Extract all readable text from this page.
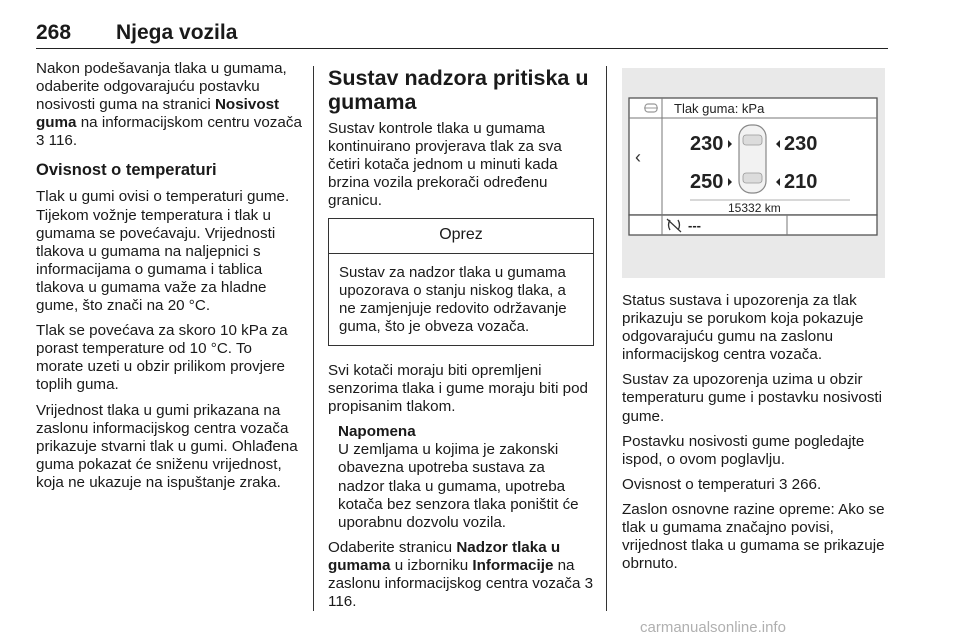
268 Njega vozila

Nakon podešavanja tlaka u gumama, odaberite odgovarajuću postavku nosivosti guma na stranici Nosivost guma na informacijskom centru vozača 3 116.

Ovisnost o temperaturi

Tlak u gumi ovisi o temperaturi gume. Tijekom vožnje temperatura i tlak u gumama se povećavaju. Vrijednosti tlakova u gumama na naljepnici s informacijama o gumama i tablica tlakova u gumama važe za hladne gume, što znači na 20 °C.

Tlak se povećava za skoro 10 kPa za porast temperature od 10 °C. To morate uzeti u obzir prilikom provjere toplih guma.

Vrijednost tlaka u gumi prikazana na zaslonu informacijskog centra vozača prikazuje stvarni tlak u gumi. Ohlađena guma pokazat će sniženu vrijednost, koja ne ukazuje na ispuštanje zraka.

Sustav nadzora pritiska u gumama

Sustav kontrole tlaka u gumama kontinuirano provjerava tlak za sva četiri kotača jednom u minuti kada brzina vozila prekorači određenu granicu.

Oprez
Sustav za nadzor tlaka u gumama upozorava o stanju niskog tlaka, a ne zamjenjuje redovito održavanje guma, što je obveza vozača.

Svi kotači moraju biti opremljeni senzorima tlaka i gume moraju biti pod propisanim tlakom.

Napomena

U zemljama u kojima je zakonski obavezna upotreba sustava za nadzor tlaka u gumama, upotreba kotača bez senzora tlaka poništit će uporabnu dozvolu vozila.

Odaberite stranicu Nadzor tlaka u gumama u izborniku Informacije na zaslonu informacijskog centra vozača 3 116.

Tlak guma: kPa
‹
230	230
250	210
15332 km
---

Status sustava i upozorenja za tlak prikazuju se porukom koja pokazuje odgovarajuću gumu na zaslonu informacijskog centra vozača.

Sustav za upozorenja uzima u obzir temperaturu gume i postavku nosivosti gume.

Postavku nosivosti gume pogledajte ispod, o ovom poglavlju.

Ovisnost o temperaturi 3 266.

Zaslon osnovne razine opreme: Ako se tlak u gumama značajno povisi, vrijednost tlaka u gumama se prikazuje obrnuto.

carmanualsonline.info
